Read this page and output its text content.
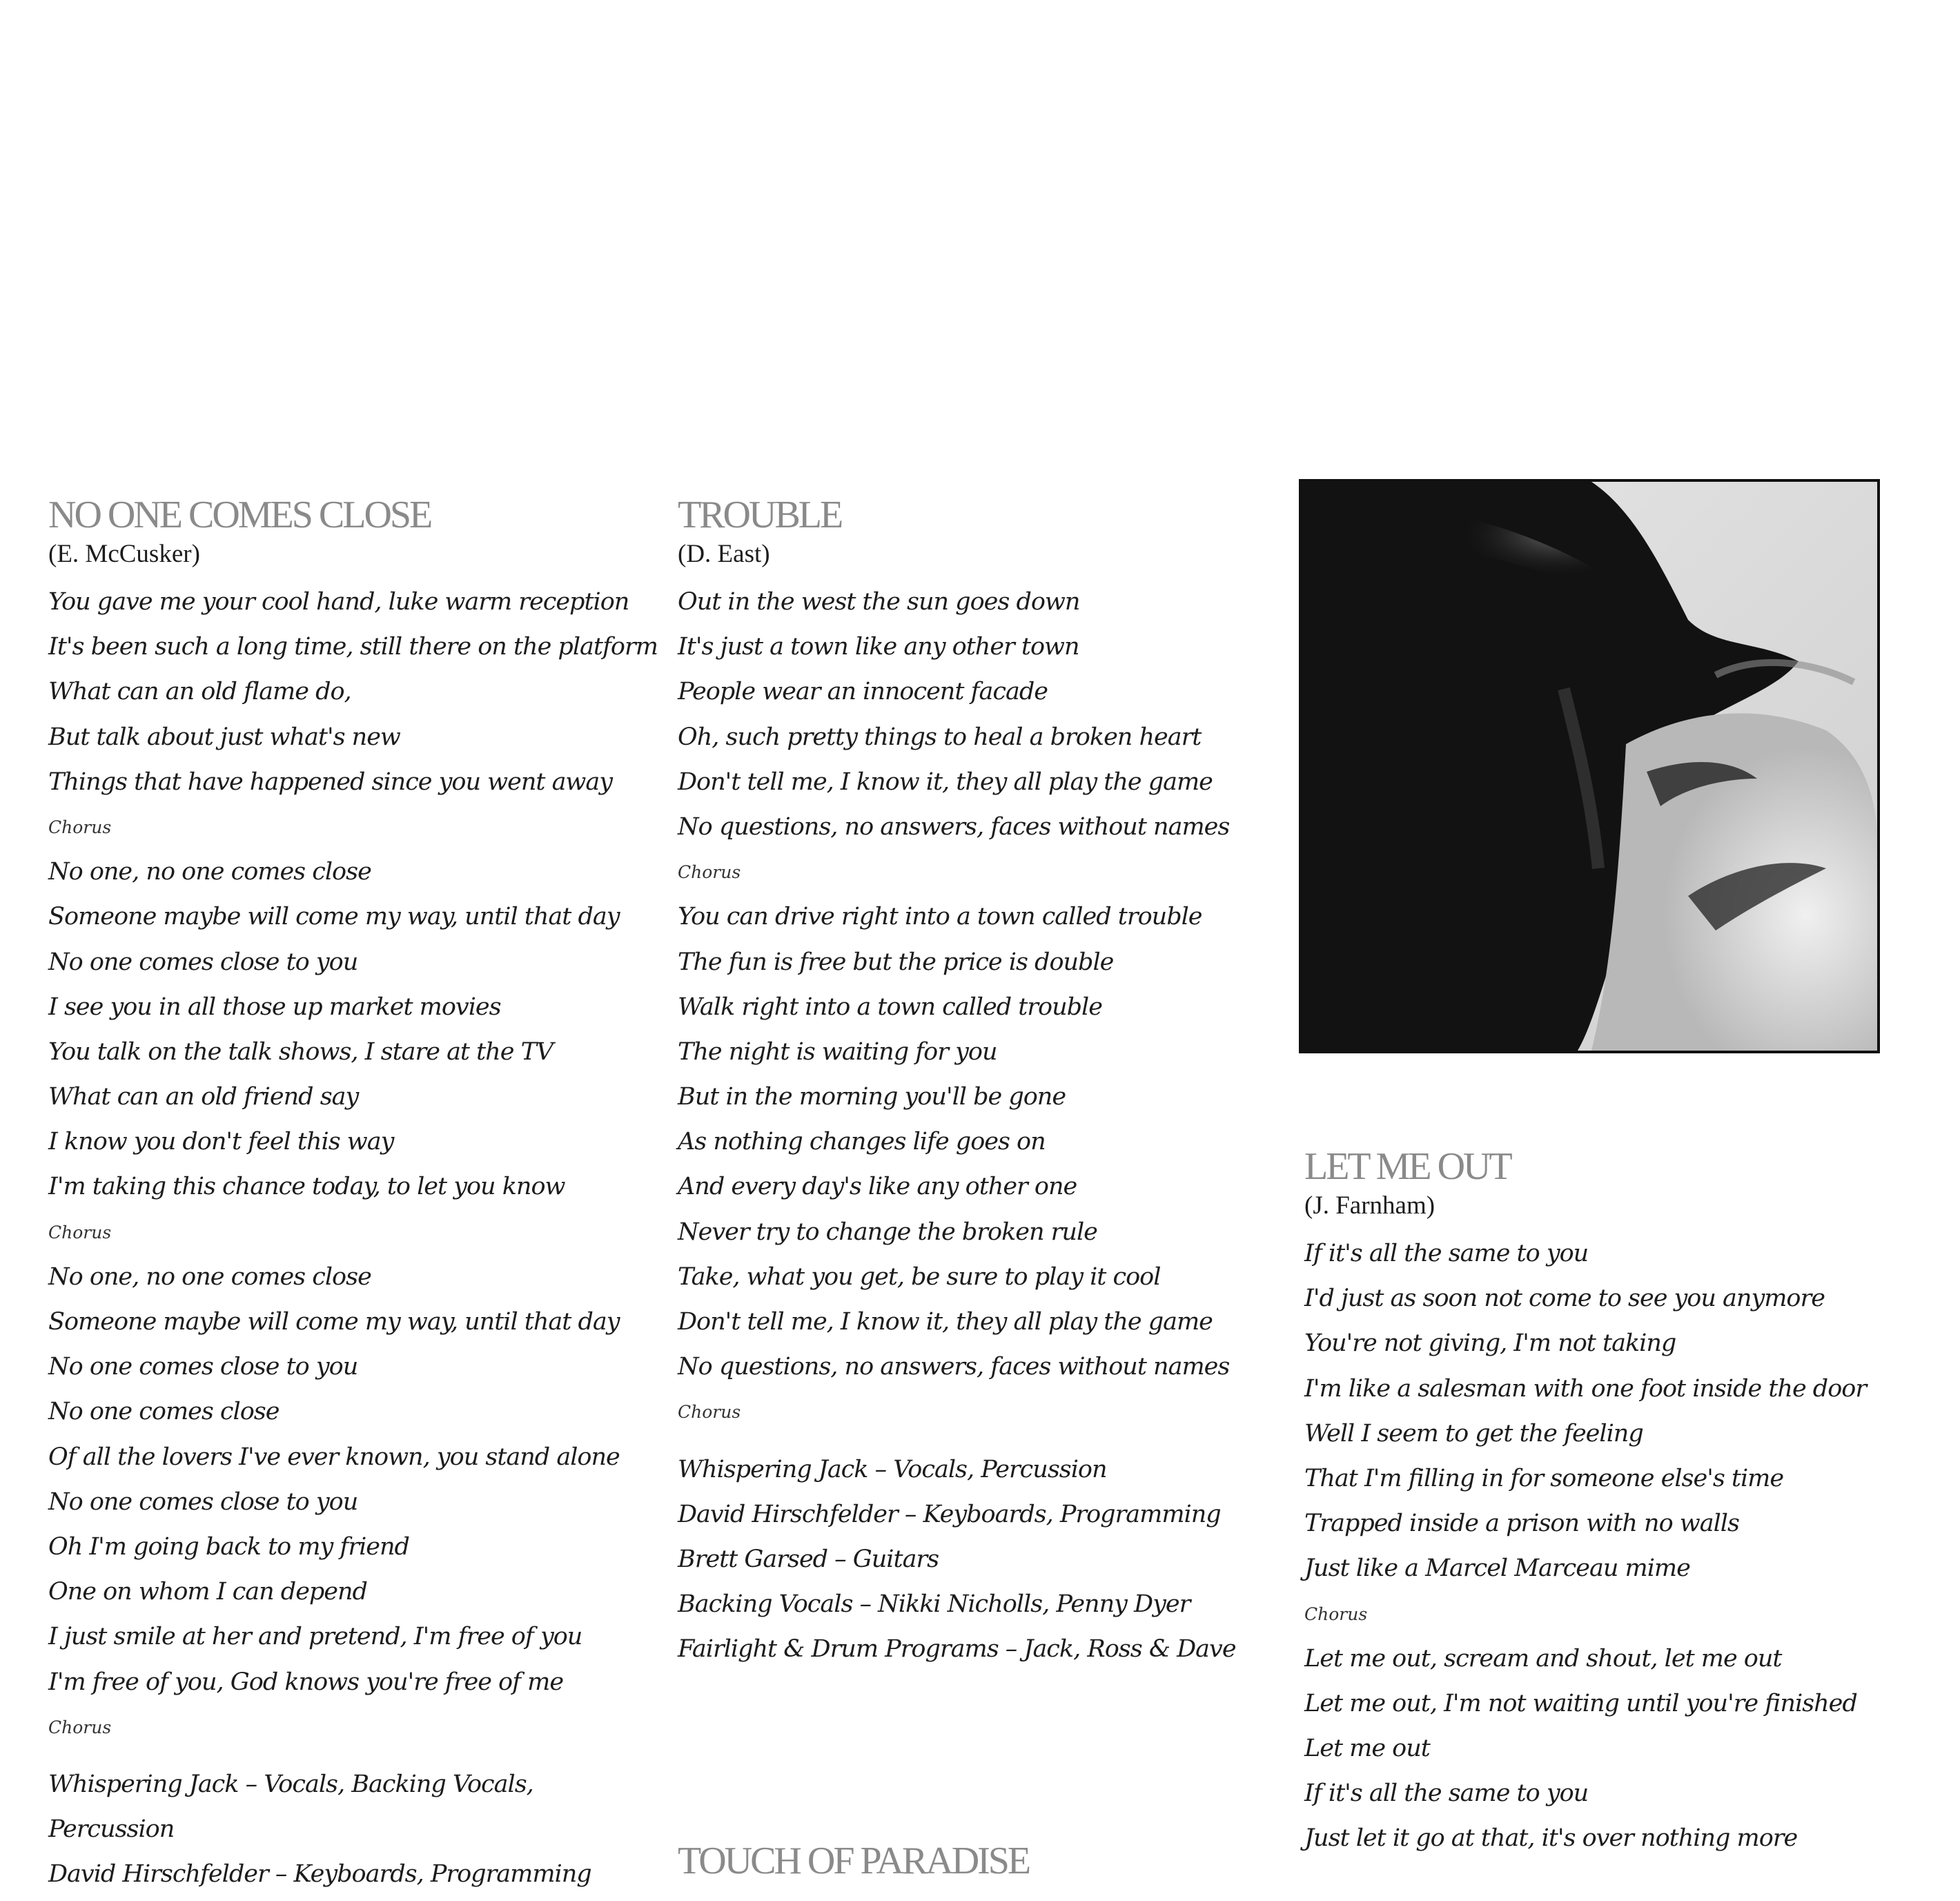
NO ONE COMES CLOSE
(E. McCusker)
You gave me your cool hand, luke warm reception
It's been such a long time, still there on the platform
What can an old flame do,
But talk about just what's new
Things that have happened since you went away
Chorus
No one, no one comes close
Someone maybe will come my way, until that day
No one comes close to you
I see you in all those up market movies
You talk on the talk shows, I stare at the TV
What can an old friend say
I know you don't feel this way
I'm taking this chance today, to let you know
Chorus
No one, no one comes close
Someone maybe will come my way, until that day
No one comes close to you
No one comes close
Of all the lovers I've ever known, you stand alone
No one comes close to you
Oh I'm going back to my friend
One on whom I can depend
I just smile at her and pretend, I'm free of you
I'm free of you, God knows you're free of me
Chorus
Whispering Jack – Vocals, Backing Vocals,
Percussion
David Hirschfelder – Keyboards, Programming
TROUBLE
(D. East)
Out in the west the sun goes down
It's just a town like any other town
People wear an innocent facade
Oh, such pretty things to heal a broken heart
Don't tell me, I know it, they all play the game
No questions, no answers, faces without names
Chorus
You can drive right into a town called trouble
The fun is free but the price is double
Walk right into a town called trouble
The night is waiting for you
But in the morning you'll be gone
As nothing changes life goes on
And every day's like any other one
Never try to change the broken rule
Take, what you get, be sure to play it cool
Don't tell me, I know it, they all play the game
No questions, no answers, faces without names
Chorus
Whispering Jack – Vocals, Percussion
David Hirschfelder – Keyboards, Programming
Brett Garsed – Guitars
Backing Vocals – Nikki Nicholls, Penny Dyer
Fairlight & Drum Programs – Jack, Ross & Dave
TOUCH OF PARADISE
LET ME OUT
(J. Farnham)
If it's all the same to you
I'd just as soon not come to see you anymore
You're not giving, I'm not taking
I'm like a salesman with one foot inside the door
Well I seem to get the feeling
That I'm filling in for someone else's time
Trapped inside a prison with no walls
Just like a Marcel Marceau mime
Chorus
Let me out, scream and shout, let me out
Let me out, I'm not waiting until you're finished
Let me out
If it's all the same to you
Just let it go at that, it's over nothing more
